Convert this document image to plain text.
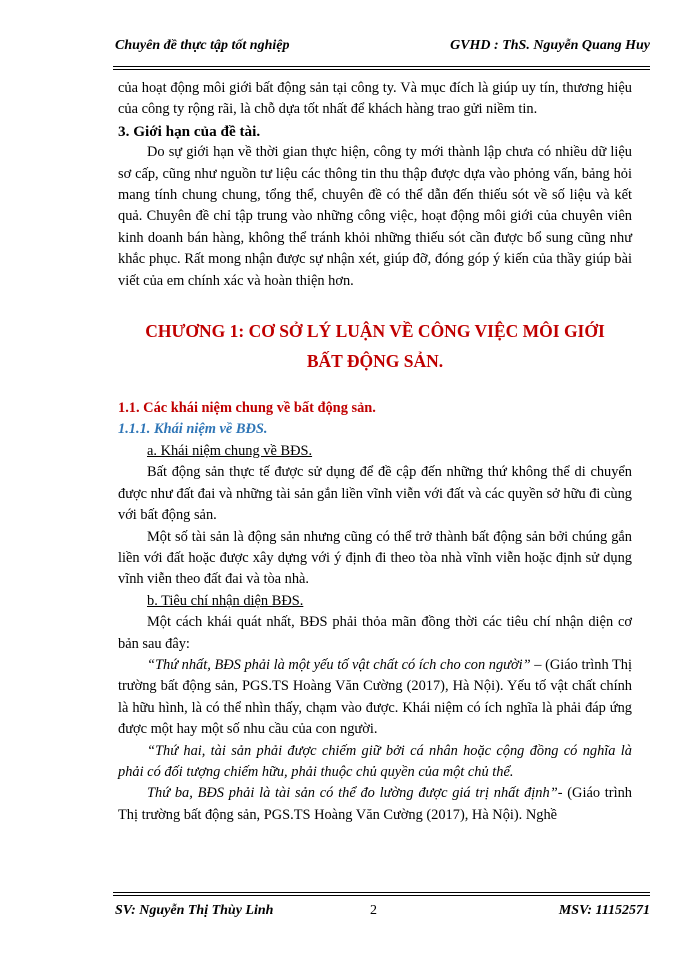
Chuyên đề thực tập tốt nghiệp	GVHD : ThS. Nguyễn Quang Huy

của hoạt động môi giới bất động sản tại công ty. Và mục đích là giúp uy tín, thương hiệu của công ty rộng rãi, là chỗ dựa tốt nhất để khách hàng trao gửi niềm tin.

3. Giới hạn của đề tài.

Do sự giới hạn về thời gian thực hiện, công ty mới thành lập chưa có nhiều dữ liệu sơ cấp, cũng như nguồn tư liệu các thông tin thu thập được dựa vào phỏng vấn, bảng hỏi mang tính chung chung, tổng thể, chuyên đề có thể dẫn đến thiếu sót về số liệu và kết quả. Chuyên đề chỉ tập trung vào những công việc, hoạt động môi giới của chuyên viên kinh doanh bán hàng, không thể tránh khỏi những thiếu sót cần được bổ sung cũng như khắc phục. Rất mong nhận được sự nhận xét, giúp đỡ, đóng góp ý kiến của thầy giúp bài viết của em chính xác và hoàn thiện hơn.

CHƯƠNG 1: CƠ SỞ LÝ LUẬN VỀ CÔNG VIỆC MÔI GIỚI
BẤT ĐỘNG SẢN.

1.1. Các khái niệm chung về bất động sản.

1.1.1. Khái niệm về BĐS.

a. Khái niệm chung về BĐS.

Bất động sản thực tế được sử dụng để đề cập đến những thứ không thể di chuyển được như đất đai và những tài sản gắn liền vĩnh viễn với đất và các quyền sở hữu đi cùng với bất động sản.

Một số tài sản là động sản nhưng cũng có thể trở thành bất động sản bởi chúng gắn liền với đất hoặc được xây dựng với ý định đi theo tòa nhà vĩnh viễn hoặc định sử dụng vĩnh viễn theo đất đai và tòa nhà.

b. Tiêu chí nhận diện BĐS.

Một cách khái quát nhất, BĐS phải thỏa mãn đồng thời các tiêu chí nhận diện cơ bản sau đây:

“Thứ nhất, BĐS phải là một yếu tố vật chất có ích cho con người” – (Giáo trình Thị trường bất động sản, PGS.TS Hoàng Văn Cường (2017), Hà Nội). Yếu tố vật chất chính là hữu hình, là có thể nhìn thấy, chạm vào được. Khái niệm có ích nghĩa là phải đáp ứng được một hay một số nhu cầu của con người.

“Thứ hai, tài sản phải được chiếm giữ bởi cá nhân hoặc cộng đồng có nghĩa là phải có đối tượng chiếm hữu, phải thuộc chủ quyền của một chủ thể.

Thứ ba, BĐS phải là tài sản có thể đo lường được giá trị nhất định”- (Giáo trình Thị trường bất động sản, PGS.TS Hoàng Văn Cường (2017), Hà Nội). Nghề

SV: Nguyễn Thị Thùy Linh	2	MSV: 11152571
